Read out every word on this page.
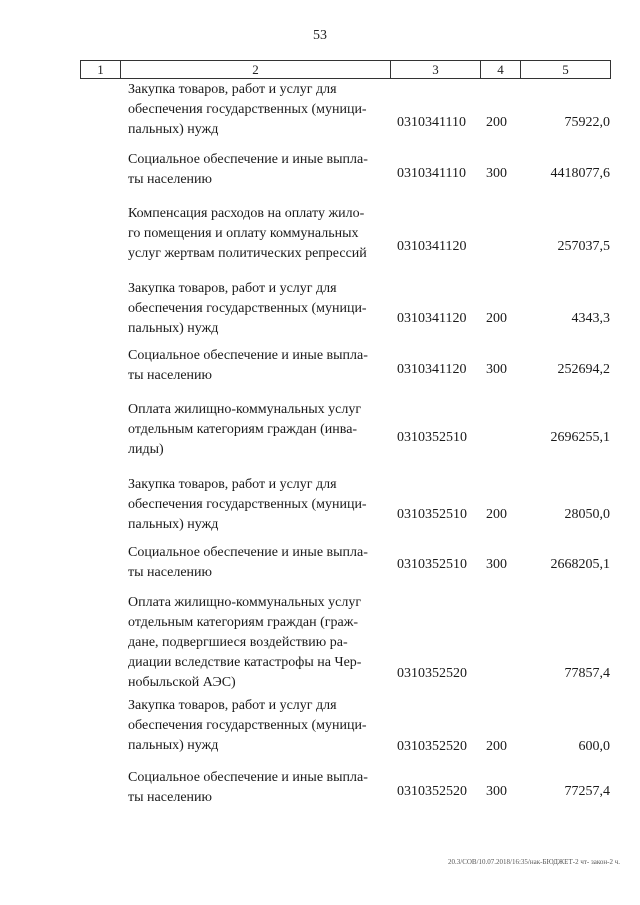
53
1	2	3	4	5
Закупка товаров, работ и услуг для
обеспечения государственных (муници-
пальных) нужд	0310341110 200	75922,0
Социальное обеспечение и иные выпла-
ты населению	0310341110 300	4418077,6
Компенсация расходов на оплату жило-
го помещения и оплату коммунальных
услуг жертвам политических репрессий	0310341120	257037,5
Закупка товаров, работ и услуг для
обеспечения государственных (муници-
пальных) нужд
0310341120 200	4343,3
Социальное обеспечение и иные выпла-
ты населению	0310341120 300	252694,2
Оплата жилищно-коммунальных услуг
отдельным категориям граждан (инва-
лиды)
0310352510	2696255,1
Закупка товаров, работ и услуг для
обеспечения государственных (муници-
пальных) нужд
0310352510 200	28050,0
Социальное обеспечение и иные выпла-
ты населению
0310352510 300	2668205,1
Оплата жилищно-коммунальных услуг
отдельным категориям граждан (граж-
дане, подвергшиеся воздействию ра-
диации вследствие катастрофы на Чер-
нобыльской АЭС)
0310352520	77857,4
Закупка товаров, работ и услуг для
обеспечения государственных (муници-
пальных) нужд	0310352520 200	600,0
Социальное обеспечение и иные выпла-
ты населению	0310352520 300	77257,4
20.3/СОВ/10.07.2018/16:35/нак-БЮДЖЕТ-2 чт- закон-2 ч.
